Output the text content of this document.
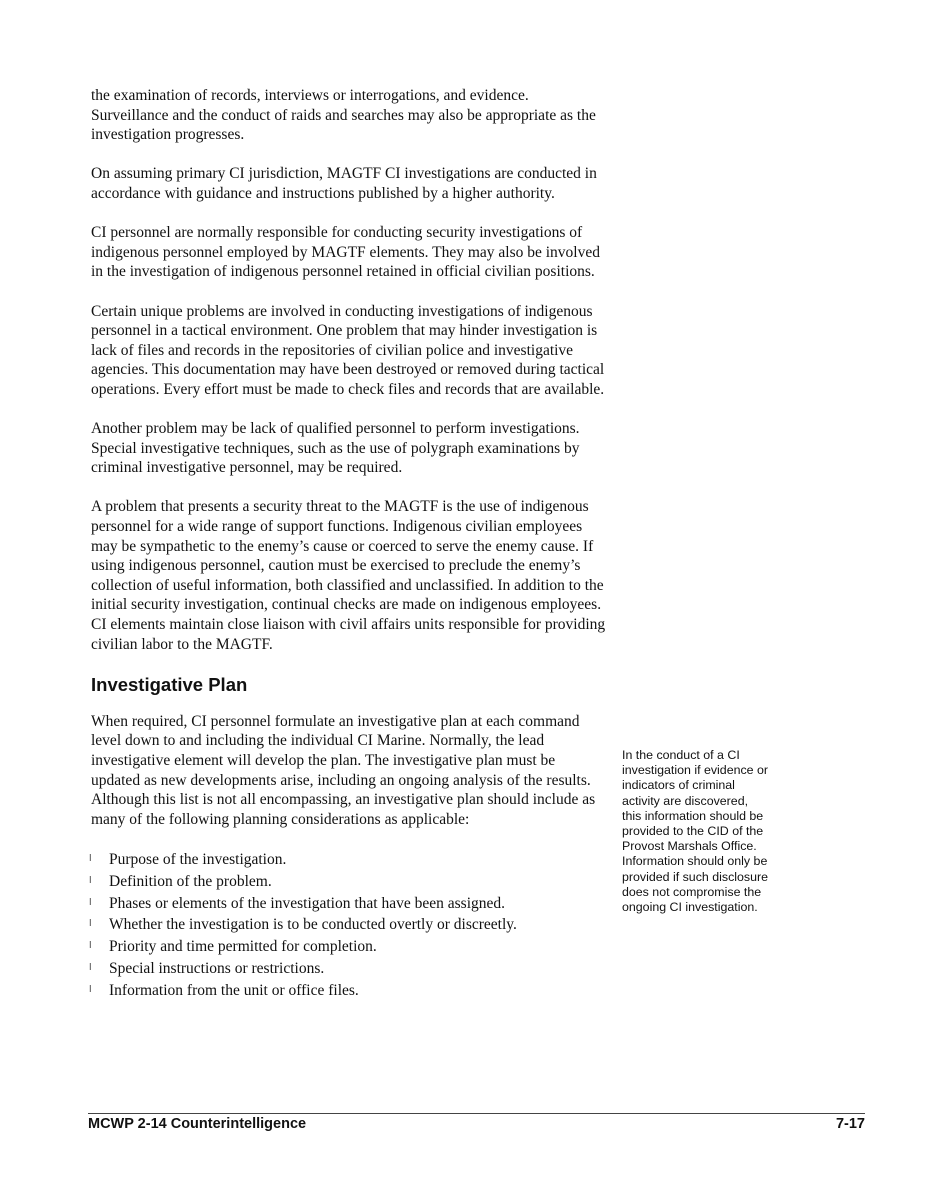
the examination of records, interviews or interrogations, and evidence. Surveillance and the conduct of raids and searches may also be appropriate as the investigation progresses.

On assuming primary CI jurisdiction, MAGTF CI investigations are conducted in accordance with guidance and instructions published by a higher authority.

CI personnel are normally responsible for conducting security investigations of indigenous personnel employed by MAGTF elements. They may also be involved in the investigation of indigenous personnel retained in official civilian positions.

Certain unique problems are involved in conducting investigations of indigenous personnel in a tactical environment. One problem that may hinder investigation is lack of files and records in the repositories of civilian police and investigative agencies. This documentation may have been destroyed or removed during tactical operations. Every effort must be made to check files and records that are available.

Another problem may be lack of qualified personnel to perform investigations. Special investigative techniques, such as the use of polygraph examinations by criminal investigative personnel, may be required.

A problem that presents a security threat to the MAGTF is the use of indigenous personnel for a wide range of support functions. Indigenous civilian employees may be sympathetic to the enemy’s cause or coerced to serve the enemy cause. If using indigenous personnel, caution must be exercised to preclude the enemy’s collection of useful information, both classified and unclassified. In addition to the initial security investigation, continual checks are made on indigenous employees. CI elements maintain close liaison with civil affairs units responsible for providing civilian labor to the MAGTF.

Investigative Plan

When required, CI personnel formulate an investigative plan at each command level down to and including the individual CI Marine. Normally, the lead investigative element will develop the plan. The investigative plan must be updated as new developments arise, including an ongoing analysis of the results. Although this list is not all encompassing, an investigative plan should include as many of the following planning considerations as applicable:

l Purpose of the investigation.
l Definition of the problem.
l Phases or elements of the investigation that have been assigned.
l Whether the investigation is to be conducted overtly or discreetly.
l Priority and time permitted for completion.
l Special instructions or restrictions.
l Information from the unit or office files.
In the conduct of a CI investigation if evidence or indicators of criminal activity are discovered, this information should be provided to the CID of the Provost Marshals Office. Information should only be provided if such disclosure does not compromise the ongoing CI investigation.
MCWP 2-14 Counterintelligence	7-17
